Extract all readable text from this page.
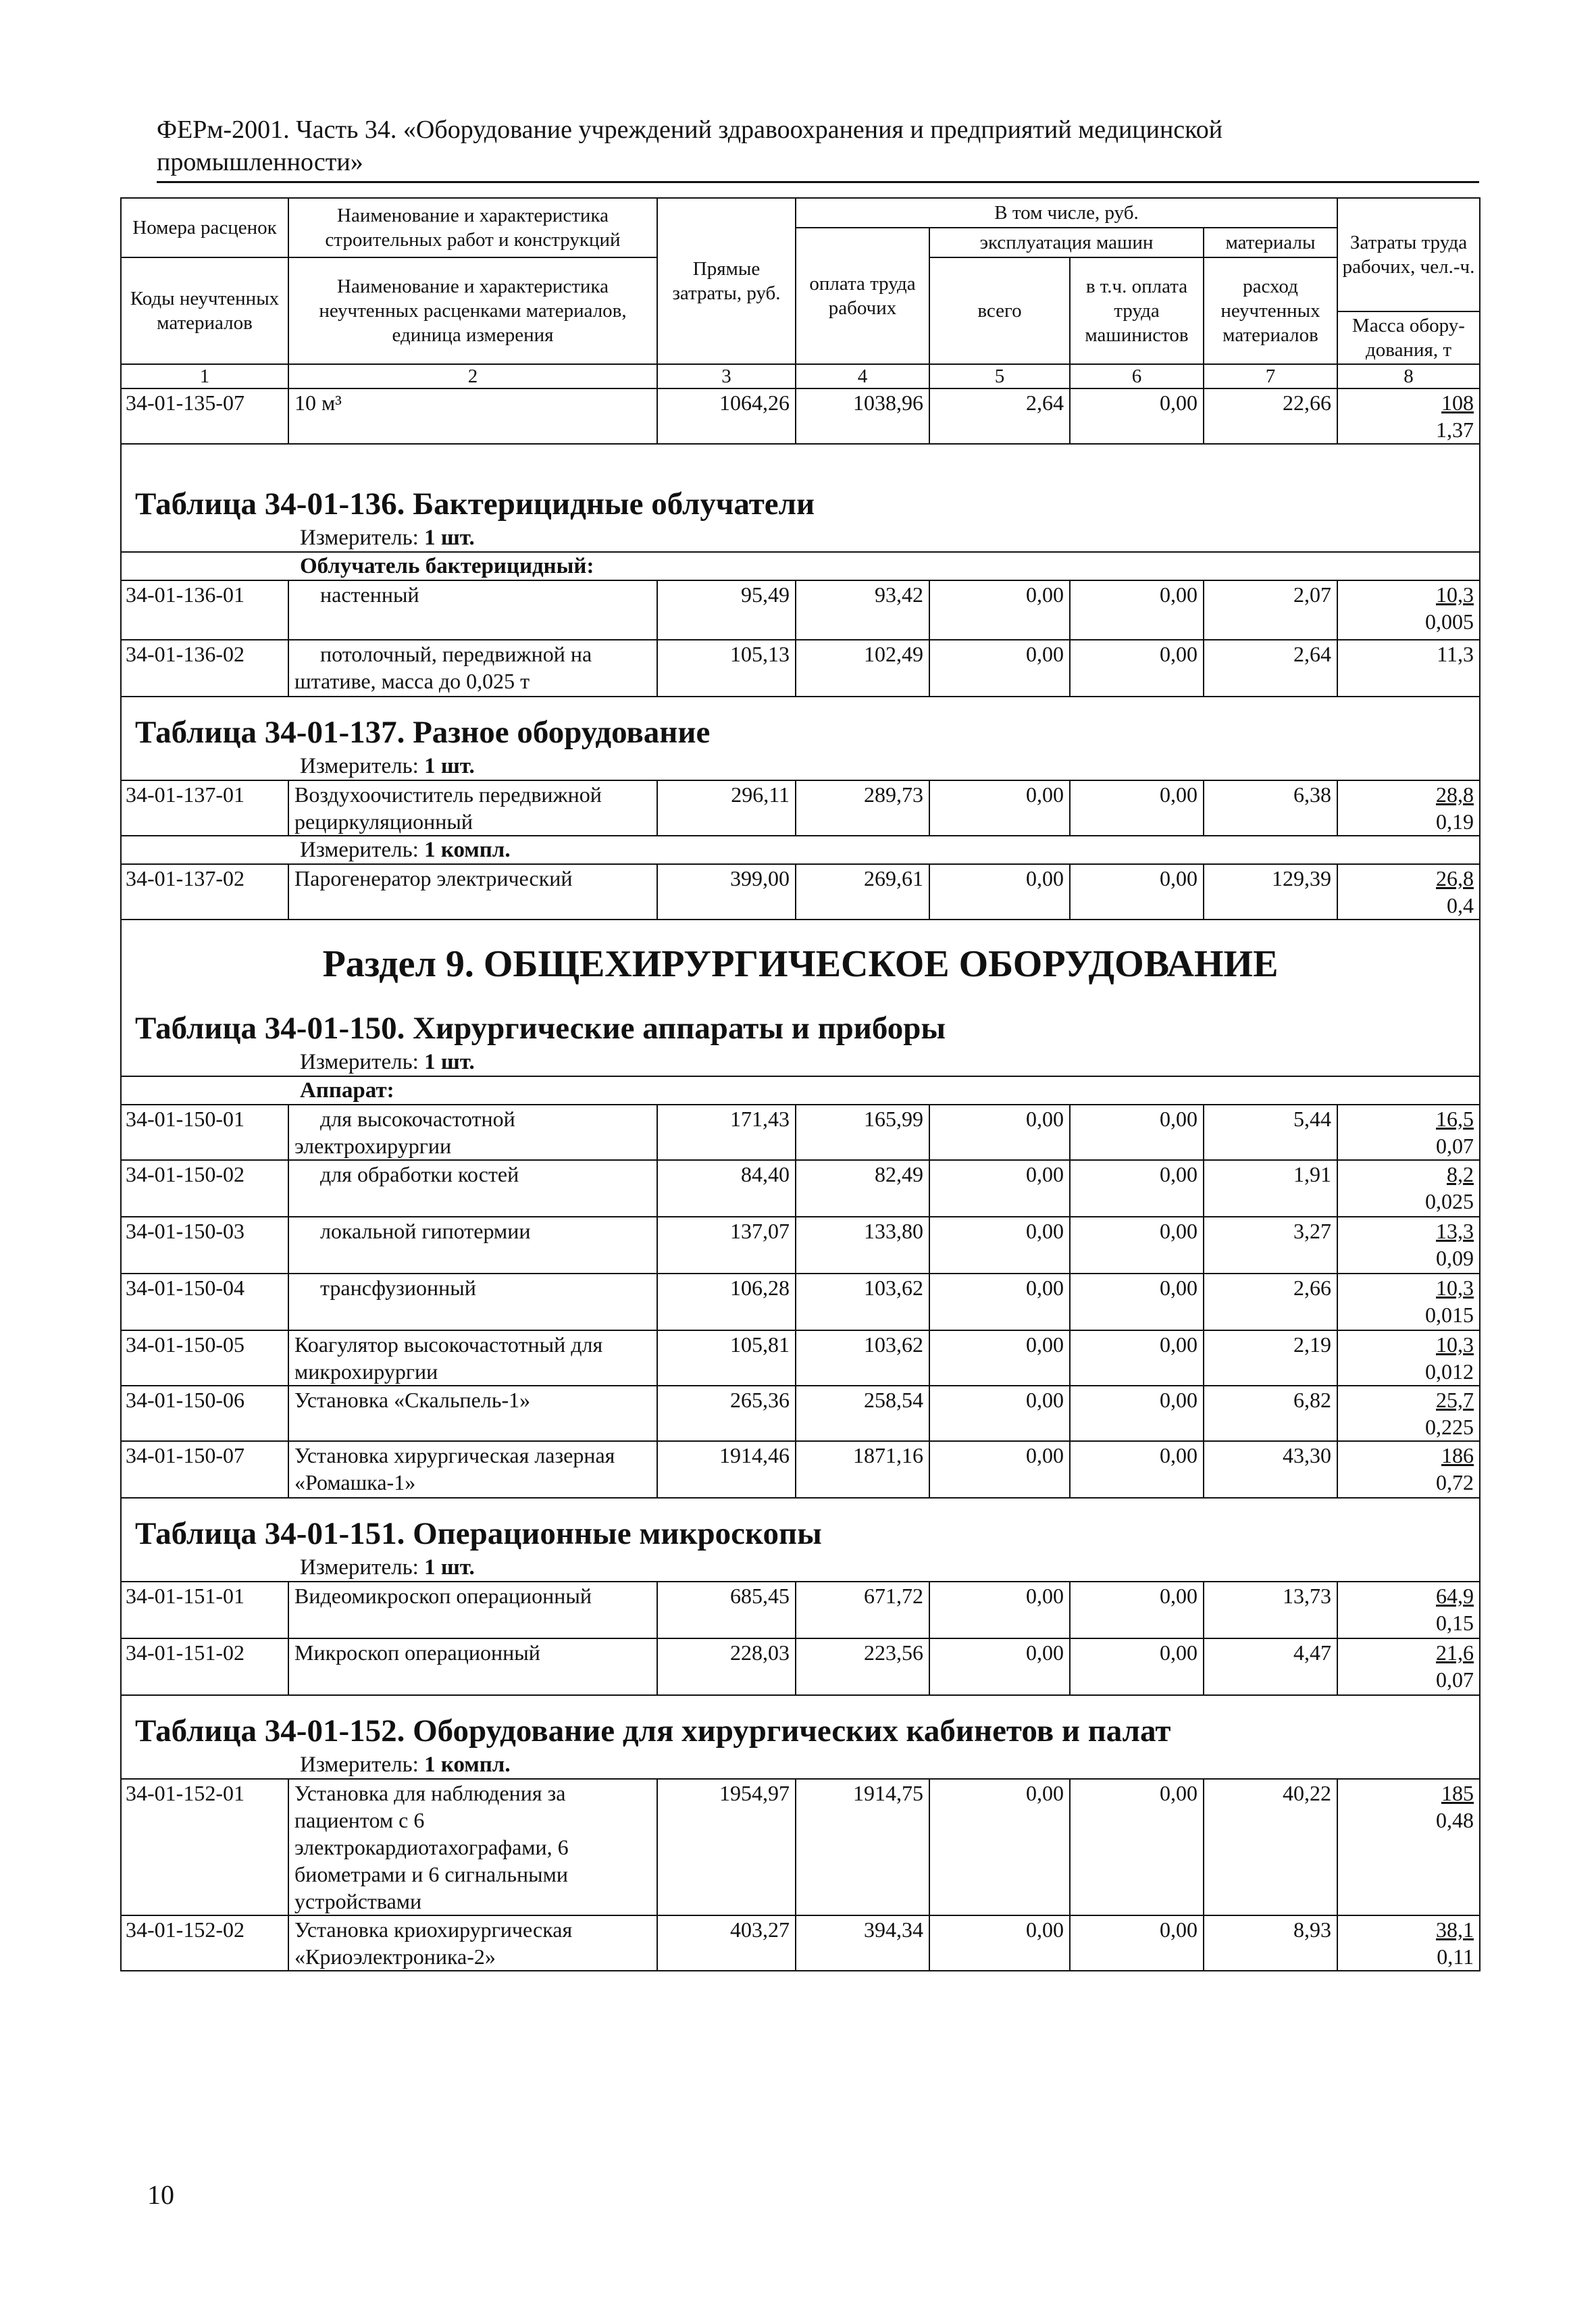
ФЕРм-2001. Часть 34. «Оборудование учреждений здравоохранения и предприятий медицинской
промышленности»
Номера расценок	Наименование и характеристика строительных работ и конструкций	Прямые затраты, руб.	В том числе, руб.				Затраты труда рабочих, чел.-ч.
			оплата труда рабочих	эксплуатация машин		материалы	
Коды неучтенных материалов	Наименование и характеристика неучтенных расценками материалов, единица измерения			всего	в т.ч. оплата труда машинистов	расход неучтенных материалов	
							Масса обору-дования, т
1	2	3	4	5	6	7	8
34-01-135-07	10 м³	1064,26	1038,96	2,64	0,00	22,66	108
1,37

Таблица 34-01-136. Бактерицидные облучатели
Измеритель: 1 шт.							

Облучатель бактерицидный:							

34-01-136-01	настенный	95,49	93,42	0,00	0,00	2,07	10,3
0,005

34-01-136-02	потолочный, передвижной на штативе, масса до 0,025 т	105,13	102,49	0,00	0,00	2,64	11,3

Таблица 34-01-137. Разное оборудование
Измеритель: 1 шт.							

34-01-137-01	Воздухоочиститель передвижной рециркуляционный	296,11	289,73	0,00	0,00	6,38	28,8
0,19

Измеритель: 1 компл.							

34-01-137-02	Парогенератор электрический	399,00	269,61	0,00	0,00	129,39	26,8
0,4

Раздел 9. ОБЩЕХИРУРГИЧЕСКОЕ ОБОРУДОВАНИЕ
Таблица 34-01-150. Хирургические аппараты и приборы
Измеритель: 1 шт.							

Аппарат:							

34-01-150-01	для высокочастотной электрохирургии	171,43	165,99	0,00	0,00	5,44	16,5
0,07

34-01-150-02	для обработки костей	84,40	82,49	0,00	0,00	1,91	8,2
0,025

34-01-150-03	локальной гипотермии	137,07	133,80	0,00	0,00	3,27	13,3
0,09

34-01-150-04	трансфузионный	106,28	103,62	0,00	0,00	2,66	10,3
0,015

34-01-150-05	Коагулятор высокочастотный для микрохирургии	105,81	103,62	0,00	0,00	2,19	10,3
0,012

34-01-150-06	Установка «Скальпель-1»	265,36	258,54	0,00	0,00	6,82	25,7
0,225

34-01-150-07	Установка хирургическая лазерная «Ромашка-1»	1914,46	1871,16	0,00	0,00	43,30	186
0,72

Таблица 34-01-151. Операционные микроскопы
Измеритель: 1 шт.							

34-01-151-01	Видеомикроскоп операционный	685,45	671,72	0,00	0,00	13,73	64,9
0,15

34-01-151-02	Микроскоп операционный	228,03	223,56	0,00	0,00	4,47	21,6
0,07

Таблица 34-01-152. Оборудование для хирургических кабинетов и палат
Измеритель: 1 компл.							

34-01-152-01	Установка для наблюдения за пациентом с 6 электрокардиотахографами, 6 биометрами и 6 сигнальными устройствами	1954,97	1914,75	0,00	0,00	40,22	185
0,48

34-01-152-02	Установка криохирургическая «Криоэлектроника-2»	403,27	394,34	0,00	0,00	8,93	38,1
0,11
10
